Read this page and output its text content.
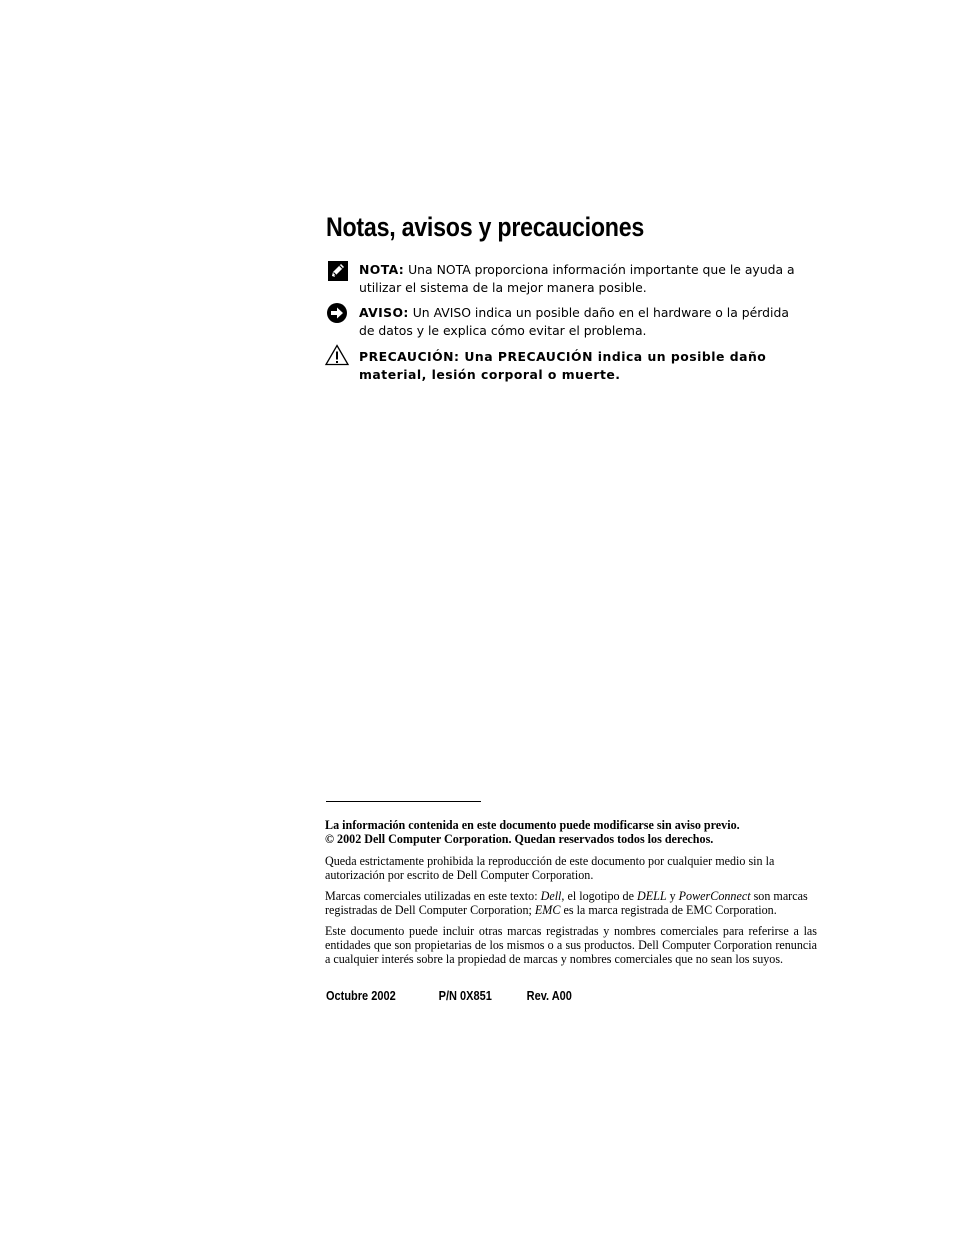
Notas, avisos y precauciones
NOTA: Una NOTA proporciona información importante que le ayuda a utilizar el sistema de la mejor manera posible.
AVISO: Un AVISO indica un posible daño en el hardware o la pérdida de datos y le explica cómo evitar el problema.
PRECAUCIÓN: Una PRECAUCIÓN indica un posible daño material, lesión corporal o muerte.

La información contenida en este documento puede modificarse sin aviso previo.
© 2002 Dell Computer Corporation. Quedan reservados todos los derechos.

Queda estrictamente prohibida la reproducción de este documento por cualquier medio sin la autorización por escrito de Dell Computer Corporation.

Marcas comerciales utilizadas en este texto: Dell, el logotipo de DELL y PowerConnect son marcas registradas de Dell Computer Corporation; EMC es la marca registrada de EMC Corporation.

Este documento puede incluir otras marcas registradas y nombres comerciales para referirse a las entidades que son propietarias de los mismos o a sus productos. Dell Computer Corporation renuncia a cualquier interés sobre la propiedad de marcas y nombres comerciales que no sean los suyos.

Octubre 2002	P/N 0X851	Rev. A00
